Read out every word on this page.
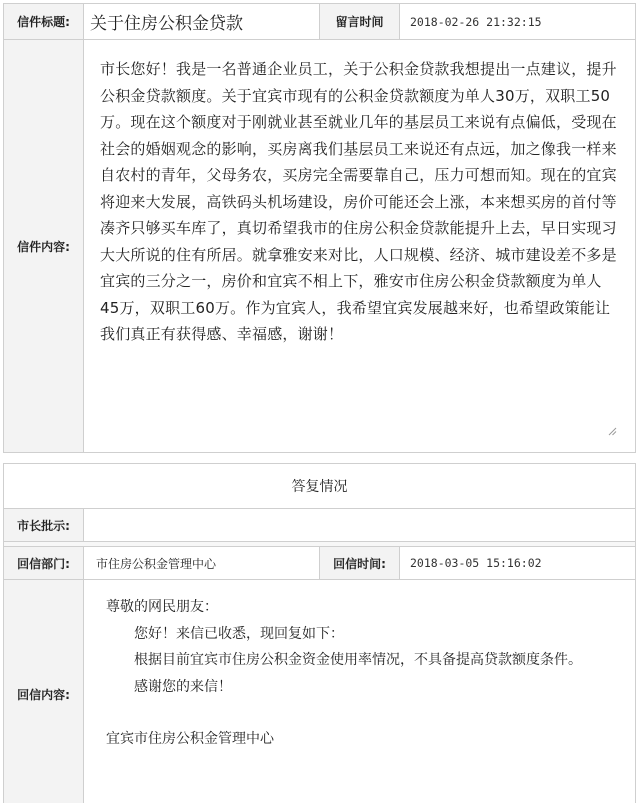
信件标题: 关于住房公积金贷款	留言时间 2018-02-26 21:32:15
信件内容:
市长您好！我是一名普通企业员工，关于公积金贷款我想提出一点建议，提升公积金贷款额度。关于宜宾市现有的公积金贷款额度为单人30万，双职工50万。现在这个额度对于刚就业甚至就业几年的基层员工来说有点偏低，受现在社会的婚姻观念的影响，买房离我们基层员工来说还有点远，加之像我一样来自农村的青年，父母务农，买房完全需要靠自己，压力可想而知。现在的宜宾将迎来大发展，高铁码头机场建设，房价可能还会上涨，本来想买房的首付等凑齐只够买车库了，真切希望我市的住房公积金贷款能提升上去，早日实现习大大所说的住有所居。就拿雅安来对比，人口规模、经济、城市建设差不多是宜宾的三分之一，房价和宜宾不相上下，雅安市住房公积金贷款额度为单人45万，双职工60万。作为宜宾人，我希望宜宾发展越来好，也希望政策能让我们真正有获得感、幸福感，谢谢！
答复情况
市长批示:
回信部门: 市住房公积金管理中心	回信时间: 2018-03-05 15:16:02
回信内容:
尊敬的网民朋友：
您好！来信已收悉，现回复如下：
根据目前宜宾市住房公积金资金使用率情况，不具备提高贷款额度条件。
感谢您的来信！
宜宾市住房公积金管理中心
